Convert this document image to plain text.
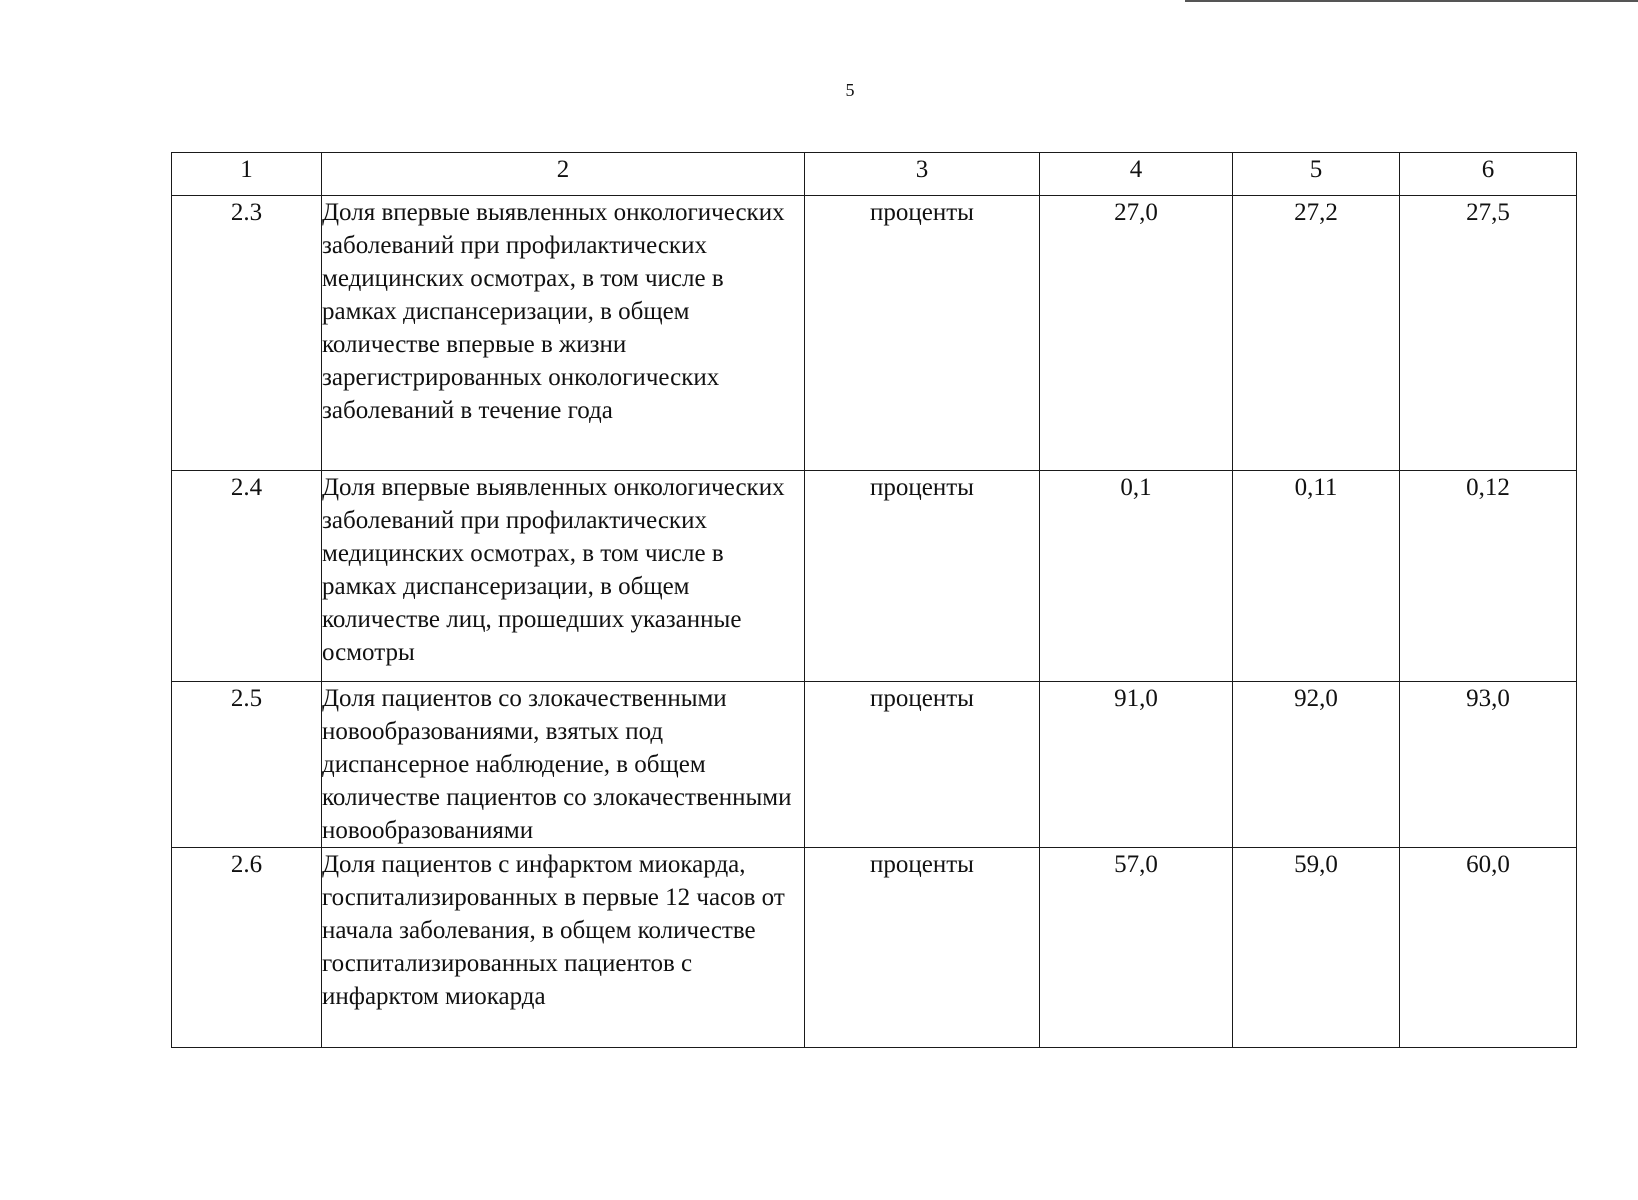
5
1	2	3	4	5	6
2.3	Доля впервые выявленных онкологических заболеваний при профилактических медицинских осмотрах, в том числе в рамках диспансеризации, в общем количестве впервые в жизни зарегистрированных онкологических заболеваний в течение года	проценты	27,0	27,2	27,5
2.4	Доля впервые выявленных онкологических заболеваний при профилактических медицинских осмотрах, в том числе в рамках диспансеризации, в общем количестве лиц, прошедших указанные осмотры	проценты	0,1	0,11	0,12
2.5	Доля пациентов со злокачественными новообразованиями, взятых под диспансерное наблюдение, в общем количестве пациентов со злокачественными новообразованиями	проценты	91,0	92,0	93,0
2.6	Доля пациентов с инфарктом миокарда, госпитализированных в первые 12 часов от начала заболевания, в общем количестве госпитализированных пациентов с инфарктом миокарда	проценты	57,0	59,0	60,0
